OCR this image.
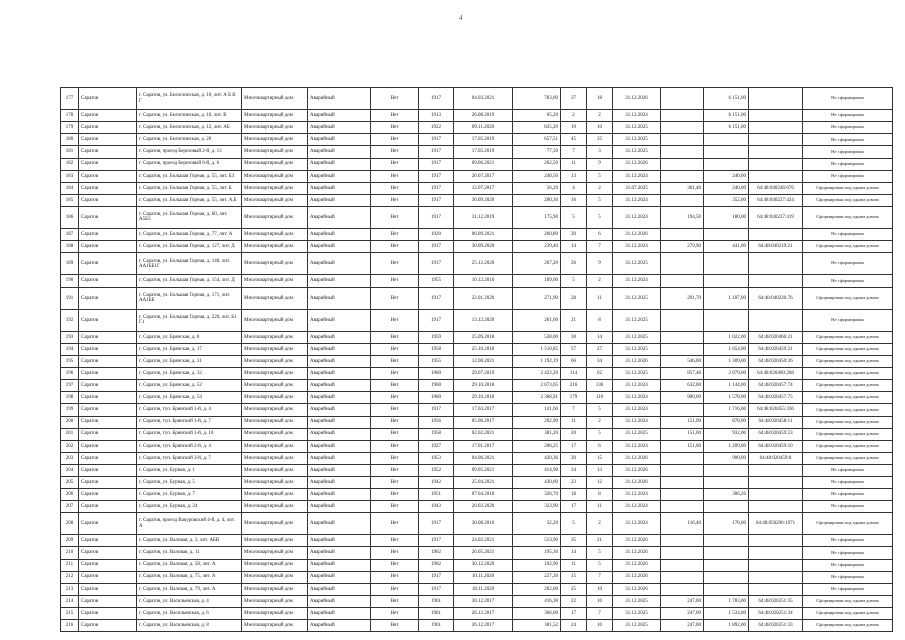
4
177	Саратов	г. Саратов, ул. Белоглинская, д. 10, лит. А Б В Г	Многоквартирный дом	Аварийный	Нет	1917	04.03.2021	783,00	37	18	31.12.2026		6 151,00		Не сформирован
178	Саратов	г. Саратов, ул. Белоглинская, д. 10, лит. В	Многоквартирный дом	Аварийный	Нет	1913	26.08.2019	65,20	2	2	31.12.2024		6 151,00		Не сформирован
179	Саратов	г. Саратов, ул. Белоглинская, д. 12, лит. АБ	Многоквартирный дом	Аварийный	Нет	1922	09.11.2020	835,20	19	10	31.12.2025		6 151,00		Не сформирован
180	Саратов	г. Саратов, ул. Белоглинская, д. 20	Многоквартирный дом	Аварийный	Нет	1917	17.05.2019	657,51	45	25	31.12.2025				Не сформирован
181	Саратов	г. Саратов, проезд Березовый 2-й, д. 13	Многоквартирный дом	Аварийный	Нет	1917	17.05.2019	77,50	7	3	31.12.2025				Не сформирован
182	Саратов	г. Саратов, проезд Березовый 6-й, д. 6	Многоквартирный дом	Аварийный	Нет	1917	09.06.2021	202,50	11	9	31.12.2026				Не сформирован
183	Саратов	г. Саратов, ул. Большая Горная, д. 55, лит. Б3	Многоквартирный дом	Аварийный	Нет	1917	20.07.2017	240,50	13	5	31.12.2024		240,00		Не сформирован
184	Саратов	г. Саратов, ул. Большая Горная, д. 55, лит. Б	Многоквартирный дом	Аварийный	Нет	1917	12.07.2017	56,20	4	2	31.07.2025	301,40	240,00	64:48:040246:676	Сформирован под одним домом
185	Саратов	г. Саратов, ул. Большая Горная, д. 55, лит. А,Б	Многоквартирный дом	Аварийный	Нет	1917	30.09.2020	200,30	16	5	31.12.2024		352,00	64:48:040227:424	Сформирован под одним домом
186	Саратов	г. Саратов, ул. Большая Горная, д. 60, лит. А5Б3	Многоквартирный дом	Аварийный	Нет	1917	31.12.2019	175,90	5	5	31.12.2024	194,50	180,00	64:48:040227:419	Сформирован под одним домом
187	Саратов	г. Саратов, ул. Большая Горная, д. 77, лит. А	Многоквартирный дом	Аварийный	Нет	1920	06.09.2021	260,80	20	6	31.12.2026				Не сформирован
188	Саратов	г. Саратов, ул. Большая Горная, д. 127, лит. Д	Многоквартирный дом	Аварийный	Нет	1917	30.09.2020	239,40	14	7	31.12.2024	279,90	441,00	64:48:040219:21	Сформирован под одним домом
189	Саратов	г. Саратов, ул. Большая Горная, д. 148, лит. АА1ББ1Г	Многоквартирный дом	Аварийный	Нет	1917	25.12.2020	267,20	26	9	31.12.2025				Не сформирован
190	Саратов	г. Саратов, ул. Большая Горная, д. 154, лит. Д	Многоквартирный дом	Аварийный	Нет	1955	10.12.2016	109,00	5	2	31.12.2024				Не сформирован
191	Саратов	г. Саратов, ул. Большая Горная, д. 171, лит. АА1ББ	Многоквартирный дом	Аварийный	Нет	1917	22.01.2020	271,90	28	11	31.12.2025	291,70	1 187,00	64:48:040226:76	Сформирован под одним домом
192	Саратов	г. Саратов, ул. Большая Горная, д. 226, лит. Б1 Г1	Многоквартирный дом	Аварийный	Нет	1917	13.12.2020	261,60	21	8	31.12.2025				Не сформирован
193	Саратов	г. Саратов, ул. Брянская, д. 8	Многоквартирный дом	Аварийный	Нет	1959	25.09.2018	528,00	30	14	31.12.2025		1 022,00	64:48:020466:21	Сформирован под одним домом
194	Саратов	г. Саратов, ул. Брянская, д. 17	Многоквартирный дом	Аварийный	Нет	1958	25.10.2018	1 510,85	57	27	31.12.2025		1 654,00	64:48:020459:21	Сформирован под одним домом
195	Саратов	г. Саратов, ул. Брянская, д. 31	Многоквартирный дом	Аварийный	Нет	1955	12.08.2021	1 192,19	66	34	31.12.2026	546,00	1 309,00	64:48:020450:26	Сформирован под одним домом
196	Саратов	г. Саратов, ул. Брянская, д. 32	Многоквартирный дом	Аварийный	Нет	1960	29.07.2019	2 422,20	114	62	31.12.2025	857,48	2 079,00	64:48:020460:268	Сформирован под одним домом
197	Саратов	г. Саратов, ул. Брянская, д. 52	Многоквартирный дом	Аварийный	Нет	1960	29.10.2018	2 673,65	216	136	31.12.2024	632,00	1 144,00	64:48:020457:74	Сформирован под одним домом
198	Саратов	г. Саратов, ул. Брянская, д. 54	Многоквартирный дом	Аварийный	Нет	1960	29.10.2018	2 368,91	179	110	31.12.2024	900,00	1 578,00	64:48:020457:75	Сформирован под одним домом
199	Саратов	г. Саратов, туп. Брянский 1-й, д. 4	Многоквартирный дом	Аварийный	Нет	1917	17.03.2017	141,60	7	5	31.12.2024		1 716,00	64:48:020455:336	Сформирован под одним домом
200	Саратов	г. Саратов, туп. Брянский 1-й, д. 7	Многоквартирный дом	Аварийный	Нет	1956	05.06.2017	292,90	11	2	31.12.2024	151,00	878,00	64:48:020458:11	Сформирован под одним домом
201	Саратов	г. Саратов, туп. Брянский 1-й, д. 10	Многоквартирный дом	Аварийный	Нет	1958	02.02.2021	381,20	20	5	31.12.2025	151,00	932,00	64:48:020459:23	Сформирован под одним домом
202	Саратов	г. Саратов, туп. Брянский 2-й, д. 4	Многоквартирный дом	Аварийный	Нет	1927	17.01.2017	206,25	17	6	31.12.2024	151,00	1 209,00	64:48:020459:10	Сформирован под одним домом
203	Саратов	г. Саратов, туп. Брянский 3-й, д. 7	Многоквартирный дом	Аварийный	Нет	1953	04.06.2021	420,36	20	15	31.12.2026		900,00	64:48:020459:8	Сформирован под одним домом
204	Саратов	г. Саратов, ул. Бурная, д. 1	Многоквартирный дом	Аварийный	Нет	1952	09.05.2021	414,90	34	13	31.12.2026				Не сформирован
205	Саратов	г. Саратов, ул. Бурная, д. 5	Многоквартирный дом	Аварийный	Нет	1942	25.04.2021	430,00	23	12	31.12.2026				Не сформирован
206	Саратов	г. Саратов, ул. Бурная, д. 7	Многоквартирный дом	Аварийный	Нет	1951	07.04.2018	326,70	18	8	31.12.2024		306,26		Не сформирован
207	Саратов	г. Саратов, ул. Бурная, д. 24	Многоквартирный дом	Аварийный	Нет	1943	20.02.2020	323,90	17	11	31.12.2024				Не сформирован
208	Саратов	г. Саратов, проезд Вакуровский 4-й, д. 4, лит. А	Многоквартирный дом	Аварийный	Нет	1917	30.08.2016	32,20	5	2	31.12.2024	116,40	176,00	64:48:050290:1971	Сформирован под одним домом
209	Саратов	г. Саратов, ул. Валовая, д. 3, лит. АБВ	Многоквартирный дом	Аварийный	Нет	1917	24.02.2021	513,90	35	21	31.12.2026				Не сформирован
210	Саратов	г. Саратов, ул. Валовая, д. 11	Многоквартирный дом	Аварийный	Нет	1902	26.05.2021	195,30	14	5	31.12.2026				Не сформирован
211	Саратов	г. Саратов, ул. Валовая, д. 58, лит. А	Многоквартирный дом	Аварийный	Нет	1902	30.12.2020	102,90	11	5	31.12.2026				Не сформирован
212	Саратов	г. Саратов, ул. Валовая, д. 75, лит. А	Многоквартирный дом	Аварийный	Нет	1917	10.11.2020	227,20	15	7	31.12.2026				Не сформирован
213	Саратов	г. Саратов, ул. Валовая, д. 79, лит. А	Многоквартирный дом	Аварийный	Нет	1917	18.11.2020	202,60	25	10	31.12.2026				Не сформирован
214	Саратов	г. Саратов, ул. Васильевская, д. 4	Многоквартирный дом	Аварийный	Нет	1961	30.12.2017	416,30	22	10	31.12.2025	247,00	1 783,00	64:48:020251:35	Сформирован под одним домом
215	Саратов	г. Саратов, ул. Васильевская, д. 6	Многоквартирный дом	Аварийный	Нет	1961	26.12.2017	366,60	17	7	31.12.2025	247,00	1 534,00	64:48:020251:34	Сформирован под одним домом
216	Саратов	г. Саратов, ул. Васильевская, д. 8	Многоквартирный дом	Аварийный	Нет	1961	26.12.2017	381,52	24	10	31.12.2025	247,00	1 892,00	64:48:020251:33	Сформирован под одним домом
